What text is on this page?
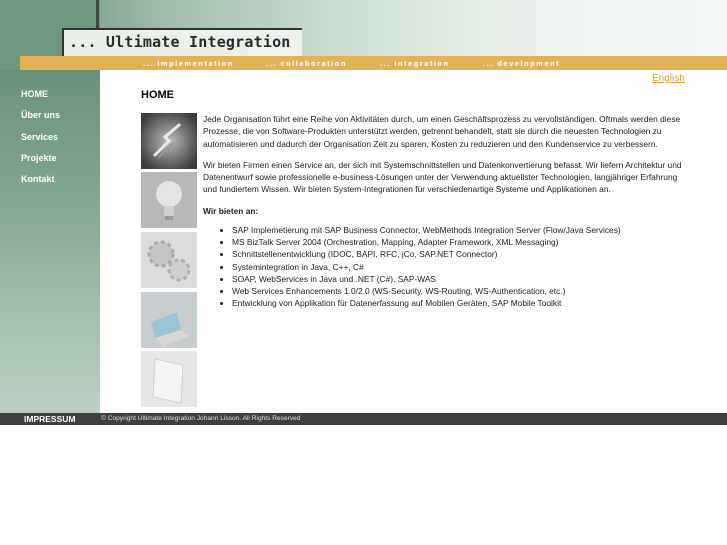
... Ultimate Integration
... implementation	... collaboration	... integration	... development
HOME
Über uns
Services
Projekte
Kontakt
English
HOME

Jede Organisation führt eine Reihe von Aktivitäten durch, um einen Geschäftsprozess zu vervollständigen. Oftmals werden diese Prozesse, die von Software-Produkten unterstützt werden, getrennt behandelt, statt sie durch die neuesten Technologien zu automatisieren und dadurch der Organisation Zeit zu sparen, Kosten zu reduzieren und den Kundenservice zu verbessern.

Wir bieten Firmen einen Service an, der sich mit Systemschnittstellen und Datenkonvertierung befasst. Wir liefern Architektur und Datenentwurf sowie professionelle e-business-Lösungen unter der Verwendung aktuellster Technologien, langjähriger Erfahrung und fundiertem Wissen. Wir bieten System-Integrationen für verschiedenartige Systeme und Applikationen an.

Wir bieten an:

• SAP Implemetierung mit SAP Business Connector, WebMethods Integration Server (Flow/Java Services)
• MS BizTalk Server 2004 (Orchestration, Mapping, Adapter Framework, XML Messaging)
• Schnittstellenentwicklung (IDOC, BAPI, RFC, jCo, SAP.NET Connector)
• Systemintegration in Java, C++, C#
• SOAP, WebServices in Java und .NET (C#), SAP-WAS
• Web Services Enhancements 1.0/2.0 (WS-Security, WS-Routing, WS-Authentication, etc.)
• Entwicklung von Applikation für Datenerfassung auf Mobilen Geräten, SAP Mobile Toolkit
IMPRESSUM	© Copyright Ultimate Integration Johann Lisson. All Rights Reserved
